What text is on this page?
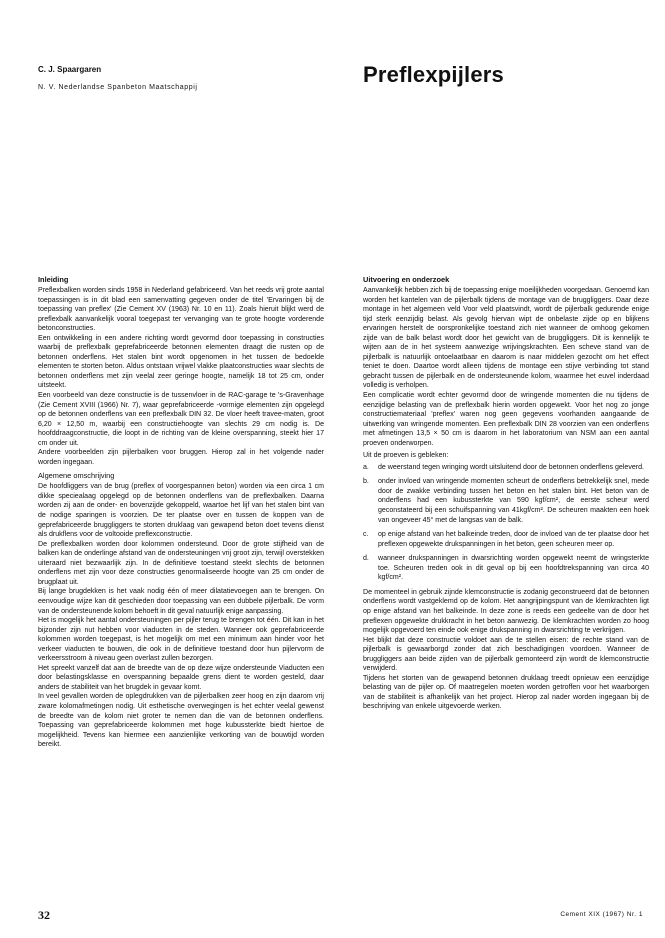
C. J. Spaargaren
N. V. Nederlandse Spanbeton Maatschappij
Preflexpijlers
Inleiding

Preflexbalken worden sinds 1958 in Nederland gefabriceerd. Van het reeds vrij grote aantal toepassingen is in dit blad een samenvatting gegeven onder de titel 'Ervaringen bij de toepassing van preflex' (Zie Cement XV (1963) Nr. 10 en 11). Zoals hieruit blijkt werd de preflexbalk aanvankelijk vooral toegepast ter vervanging van te grote hoogte vorderende betonconstructies.

Een ontwikkeling in een andere richting wordt gevormd door toepassing in constructies waarbij de preflexbalk geprefabriceerde betonnen elementen draagt die rusten op de betonnen onderflens. Het stalen bint wordt opgenomen in het tussen de bedoelde elementen te storten beton. Aldus ontstaan vrijwel vlakke plaatconstructies waar slechts de betonnen onderflens met zijn veelal zeer geringe hoogte, namelijk 18 tot 25 cm, onder uitsteekt.

Een voorbeeld van deze constructie is de tussenvloer in de RAC-garage te 's-Gravenhage (Zie Cement XVIII (1966) Nr. 7), waar geprefabriceerde -vormige elementen zijn opgelegd op de betonnen onderflens van een preflexbalk DIN 32. De vloer heeft travee-maten, groot 6,20 × 12,50 m, waarbij een constructiehoogte van slechts 29 cm nodig is. De hoofddraagconstructie, die loopt in de richting van de kleine overspanning, steekt hier 17 cm onder uit.

Andere voorbeelden zijn pijlerbalken voor bruggen. Hierop zal in het volgende nader worden ingegaan.

Algemene omschrijving

De hoofdliggers van de brug (preflex of voorgespannen beton) worden via een circa 1 cm dikke speciealaag opgelegd op de betonnen onderflens van de preflexbalken. Daarna worden zij aan de onder- en bovenzijde gekoppeld, waartoe het lijf van het stalen bint van de nodige sparingen is voorzien. De ter plaatse over en tussen de koppen van de geprefabriceerde bruggliggers te storten druklaag van gewapend beton doet tevens dienst als drukflens voor de voltooide preflexconstructie.

De preflexbalken worden door kolommen ondersteund. Door de grote stijfheid van de balken kan de onderlinge afstand van de ondersteuningen vrij groot zijn, terwijl overstekken uiteraard niet bezwaarlijk zijn. In de definitieve toestand steekt slechts de betonnen onderflens met zijn voor deze constructies genormaliseerde hoogte van 25 cm onder de brugplaat uit.

Bij lange brugdekken is het vaak nodig één of meer dilatatievoegen aan te brengen. On eenvoudige wijze kan dit geschieden door toepassing van een dubbele pijlerbalk. De vorm van de ondersteunende kolom behoeft in dit geval natuurlijk enige aanpassing.

Het is mogelijk het aantal ondersteuningen per pijler terug te brengen tot één. Dit kan in het bijzonder zijn nut hebben voor viaducten in de steden. Wanneer ook geprefabriceerde kolommen worden toegepast, is het mogelijk om met een minimum aan hinder voor het verkeer viaducten te bouwen, die ook in de definitieve toestand door hun pijlervorm de verkeersstroom à niveau geen overlast zullen bezorgen.

Het spreekt vanzelf dat aan de breedte van de op deze wijze ondersteunde Viaducten een door belastingsklasse en overspanning bepaalde grens dient te worden gesteld, daar anders de stabiliteit van het brugdek in gevaar komt.

In veel gevallen worden de oplegdrukken van de pijlerbalken zeer hoog en zijn daarom vrij zware kolomafmetingen nodig. Uit esthetische overwegingen is het echter veelal gewenst de breedte van de kolom niet groter te nemen dan die van de betonnen onderflens. Toepassing van geprefabriceerde kolommen met hoge kubussterkte biedt hiertoe de mogelijkheid. Tevens kan hiermee een aanzienlijke verkorting van de bouwtijd worden bereikt.

Uitvoering en onderzoek

Aanvankelijk hebben zich bij de toepassing enige moeilijkheden voorgedaan. Genoemd kan worden het kantelen van de pijlerbalk tijdens de montage van de bruggliggers. Daar deze montage in het algemeen veld Voor veld plaatsvindt, wordt de pijlerbalk gedurende enige tijd sterk eenzijdig belast. Als gevolg hiervan wipt de onbelaste zijde op en blijkens ervaringen herstelt de oorspronkelijke toestand zich niet wanneer de omhoog gekomen zijde van de balk belast wordt door het gewicht van de bruggliggers. Dit is kennelijk te wijten aan de in het systeem aanwezige wrijvingskrachten. Een scheve stand van de pijlerbalk is natuurlijk ontoelaatbaar en daarom is naar middelen gezocht om het effect teniet te doen. Daartoe wordt alleen tijdens de montage een stijve verbinding tot stand gebracht tussen de pijlerbalk en de ondersteunende kolom, waarmee het euvel inderdaad volledig is verholpen.

Een complicatie wordt echter gevormd door de wringende momenten die nu tijdens de eenzijdige belasting van de preflexbalk hierin worden opgewekt. Voor het nog zo jonge constructiemateriaal 'preflex' waren nog geen gegevens voorhanden aangaande de uitwerking van wringende momenten. Een preflexbalk DIN 28 voorzien van een onderflens met afmetingen 13,5 × 50 cm is daarom in het laboratorium van NSM aan een aantal proeven onderworpen.

Uit de proeven is gebleken:

a.	de weerstand tegen wringing wordt uitsluitend door de betonnen onderflens geleverd.
b.	onder invloed van wringende momenten scheurt de onderflens betrekkelijk snel, mede door de zwakke verbinding tussen het beton en het stalen bint. Het beton van de onderflens had een kubussterkte van 590 kgf/cm², de eerste scheur werd geconstateerd bij een schuifspanning van 41kgf/cm². De scheuren maakten een hoek van ongeveer 45° met de langsas van de balk.
c.	op enige afstand van het balkeinde treden, door de invloed van de ter plaatse door het preflexen opgewekte drukspanningen in het beton, geen scheuren meer op.
d.	wanneer drukspanningen in dwarsrichting worden opgewekt neemt de wringsterkte toe. Scheuren treden ook in dit geval op bij een hoofdtrekspanning van circa 40 kgf/cm².

De momenteel in gebruik zijnde klemconstructie is zodanig geconstrueerd dat de betonnen onderflens wordt vastgeklemd op de kolom. Het aangrijpingspunt van de klemkrachten ligt op enige afstand van het balkeinde. In deze zone is reeds een gedeelte van de door het preflexen opgewekte drukkracht in het beton aanwezig. De klemkrachten worden zo hoog mogelijk opgevoerd ten einde ook enige drukspanning in dwarsrichting te verkrijgen.

Het blijkt dat deze constructie voldoet aan de te stellen eisen: de rechte stand van de pijlerbalk is gewaarborgd zonder dat zich beschadigingen voordoen. Wanneer de bruggliggers aan beide zijden van de pijlerbalk gemonteerd zijn wordt de klemconstructie verwijderd.

Tijdens het storten van de gewapend betonnen druklaag treedt opnieuw een eenzijdige belasting van de pijler op. Of maatregelen moeten worden getroffen voor het waarborgen van de stabiliteit is afhankelijk van het project. Hierop zal nader worden ingegaan bij de beschrijving van enkele uitgevoerde werken.

32	Cement XIX (1967) Nr. 1
